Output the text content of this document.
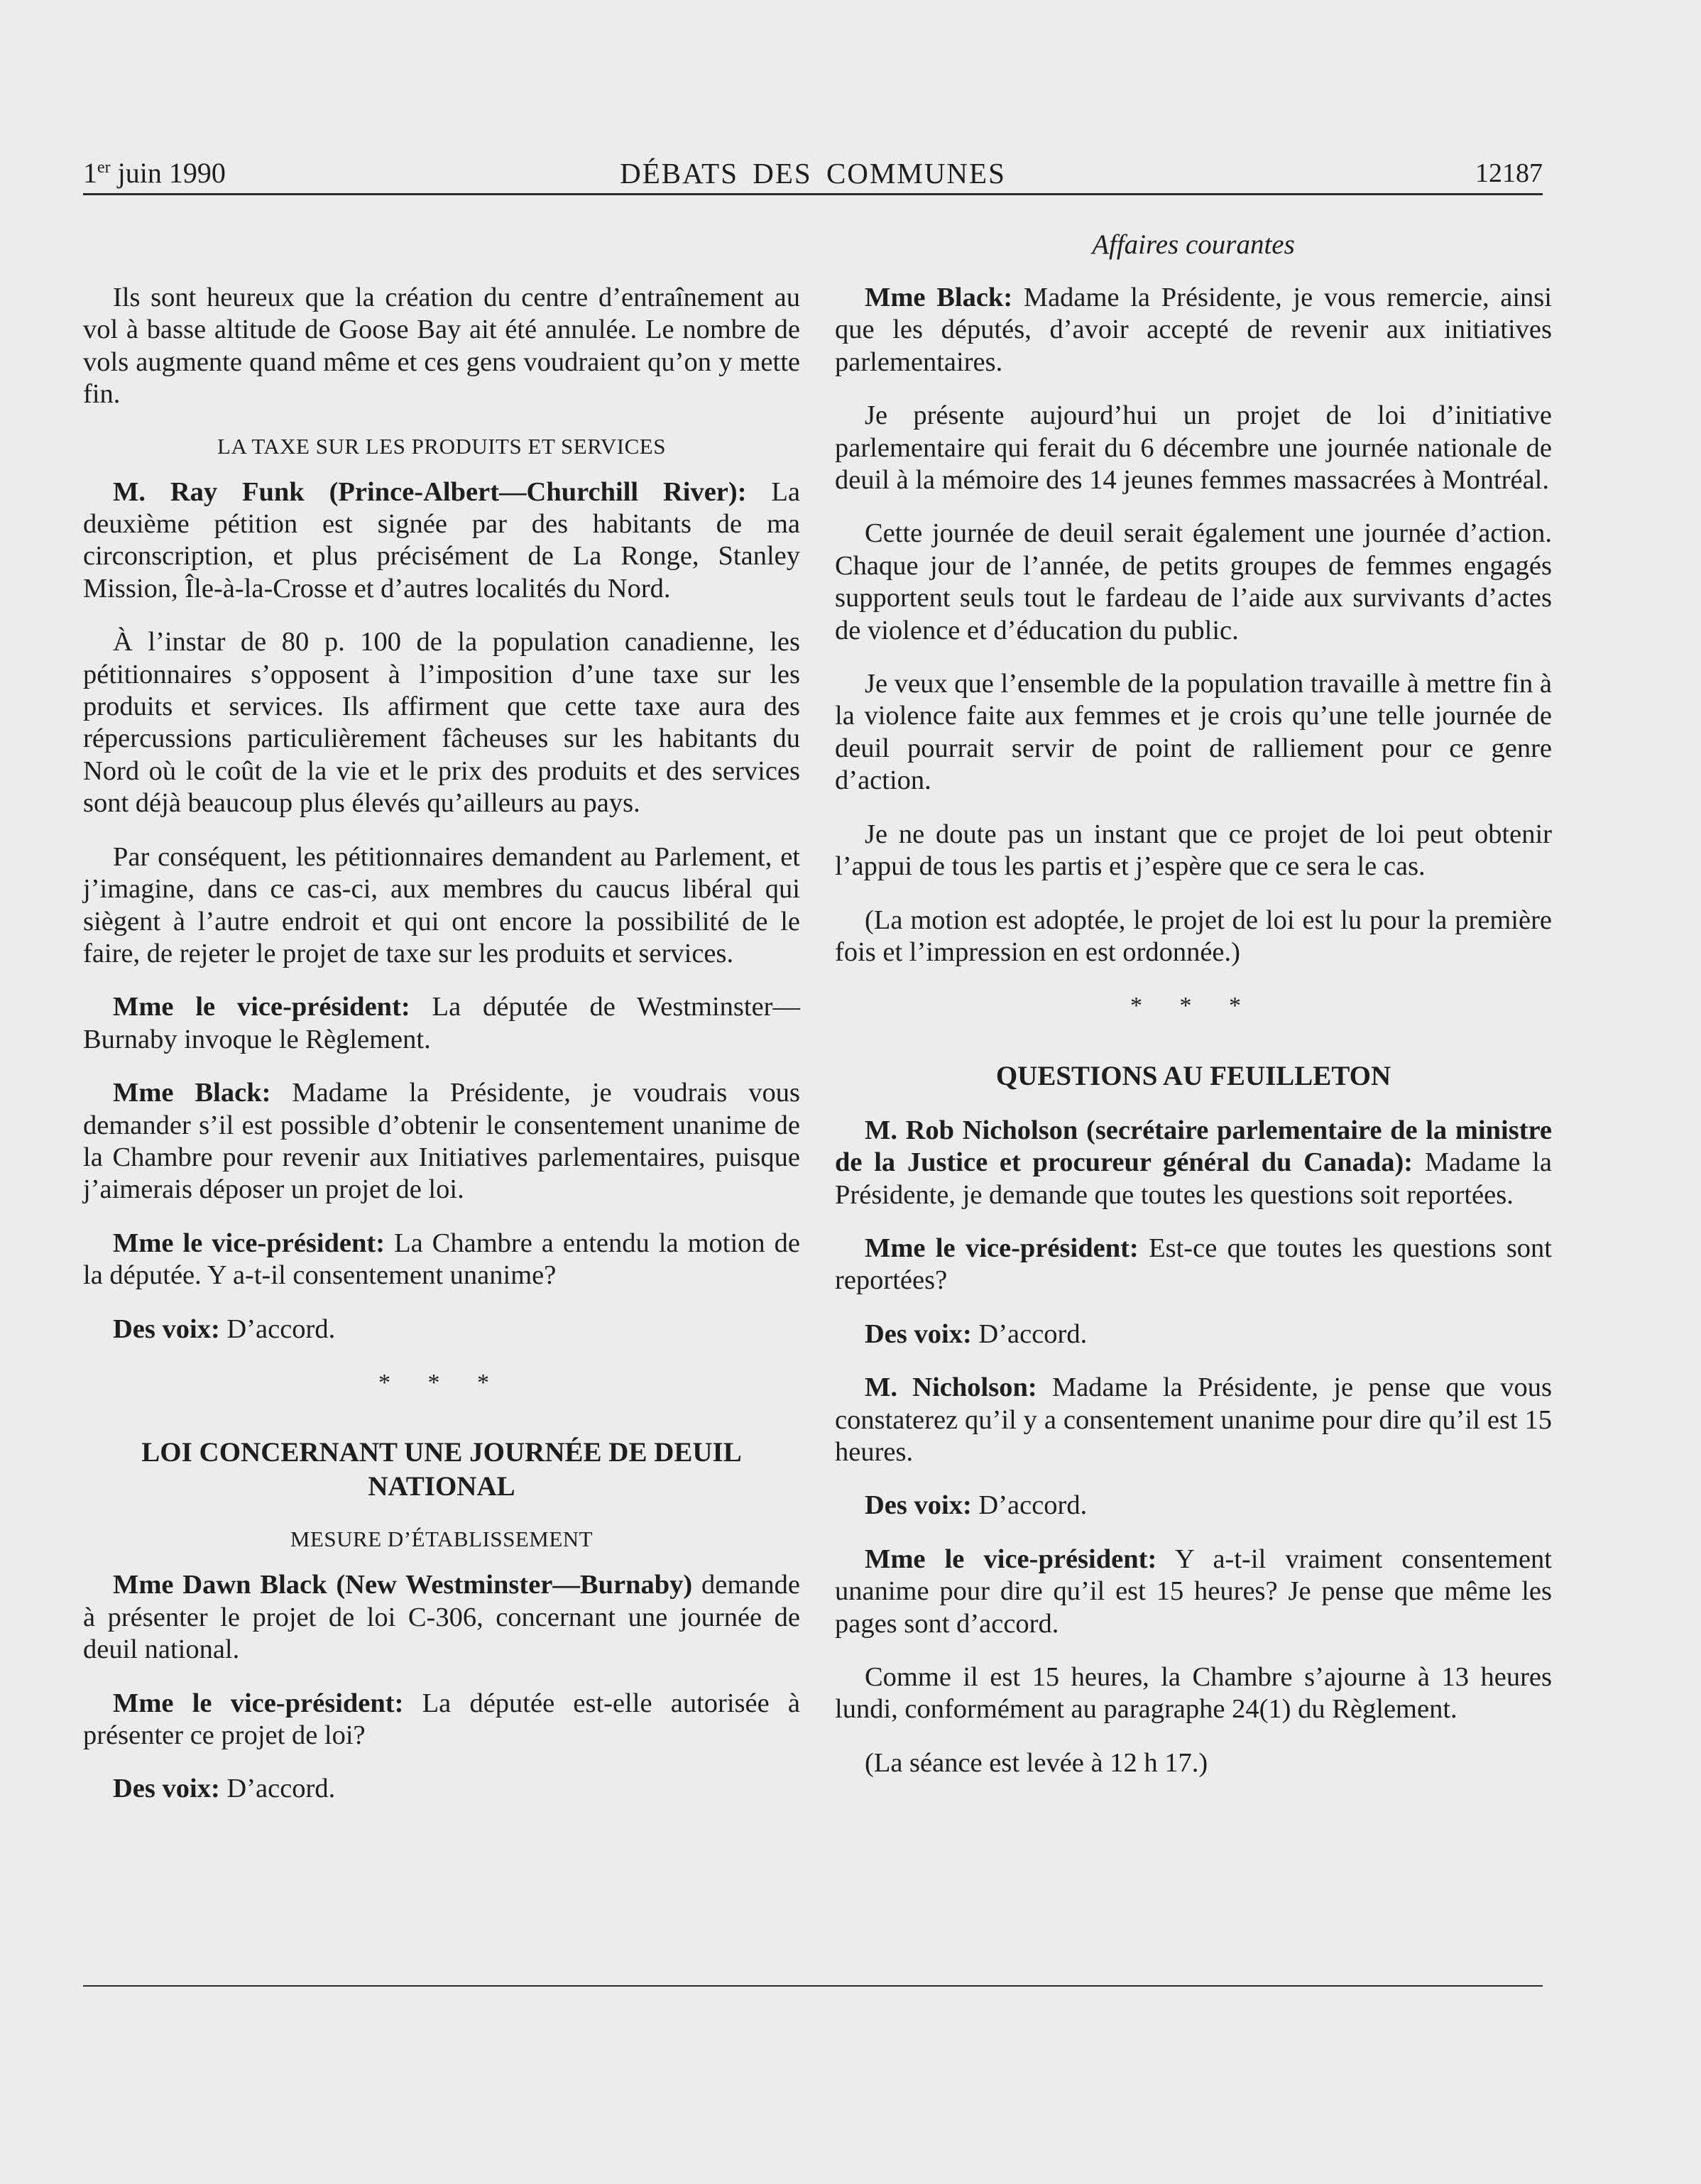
1er juin 1990	DÉBATS DES COMMUNES	12187
Affaires courantes

Ils sont heureux que la création du centre d’entraînement au vol à basse altitude de Goose Bay ait été annulée. Le nombre de vols augmente quand même et ces gens voudraient qu’on y mette fin.

LA TAXE SUR LES PRODUITS ET SERVICES

M. Ray Funk (Prince-Albert—Churchill River): La deuxième pétition est signée par des habitants de ma circonscription, et plus précisément de La Ronge, Stanley Mission, Île-à-la-Crosse et d’autres localités du Nord.

À l’instar de 80 p. 100 de la population canadienne, les pétitionnaires s’opposent à l’imposition d’une taxe sur les produits et services. Ils affirment que cette taxe aura des répercussions particulièrement fâcheuses sur les habitants du Nord où le coût de la vie et le prix des produits et des services sont déjà beaucoup plus élevés qu’ailleurs au pays.

Par conséquent, les pétitionnaires demandent au Parlement, et j’imagine, dans ce cas-ci, aux membres du caucus libéral qui siègent à l’autre endroit et qui ont encore la possibilité de le faire, de rejeter le projet de taxe sur les produits et services.

Mme le vice-président: La députée de Westminster—Burnaby invoque le Règlement.

Mme Black: Madame la Présidente, je voudrais vous demander s’il est possible d’obtenir le consentement unanime de la Chambre pour revenir aux Initiatives parlementaires, puisque j’aimerais déposer un projet de loi.

Mme le vice-président: La Chambre a entendu la motion de la députée. Y a-t-il consentement unanime?

Des voix: D’accord.

* * *
LOI CONCERNANT UNE JOURNÉE DE DEUIL NATIONAL
MESURE D’ÉTABLISSEMENT

Mme Dawn Black (New Westminster—Burnaby) demande à présenter le projet de loi C-306, concernant une journée de deuil national.

Mme le vice-président: La députée est-elle autorisée à présenter ce projet de loi?

Des voix: D’accord.

Mme Black: Madame la Présidente, je vous remercie, ainsi que les députés, d’avoir accepté de revenir aux initiatives parlementaires.

Je présente aujourd’hui un projet de loi d’initiative parlementaire qui ferait du 6 décembre une journée nationale de deuil à la mémoire des 14 jeunes femmes massacrées à Montréal.

Cette journée de deuil serait également une journée d’action. Chaque jour de l’année, de petits groupes de femmes engagés supportent seuls tout le fardeau de l’aide aux survivants d’actes de violence et d’éducation du public.

Je veux que l’ensemble de la population travaille à mettre fin à la violence faite aux femmes et je crois qu’une telle journée de deuil pourrait servir de point de ralliement pour ce genre d’action.

Je ne doute pas un instant que ce projet de loi peut obtenir l’appui de tous les partis et j’espère que ce sera le cas.

(La motion est adoptée, le projet de loi est lu pour la première fois et l’impression en est ordonnée.)

* * *
QUESTIONS AU FEUILLETON

M. Rob Nicholson (secrétaire parlementaire de la ministre de la Justice et procureur général du Canada): Madame la Présidente, je demande que toutes les questions soit reportées.

Mme le vice-président: Est-ce que toutes les questions sont reportées?

Des voix: D’accord.

M. Nicholson: Madame la Présidente, je pense que vous constaterez qu’il y a consentement unanime pour dire qu’il est 15 heures.

Des voix: D’accord.

Mme le vice-président: Y a-t-il vraiment consentement unanime pour dire qu’il est 15 heures? Je pense que même les pages sont d’accord.

Comme il est 15 heures, la Chambre s’ajourne à 13 heures lundi, conformément au paragraphe 24(1) du Règlement.

(La séance est levée à 12 h 17.)
